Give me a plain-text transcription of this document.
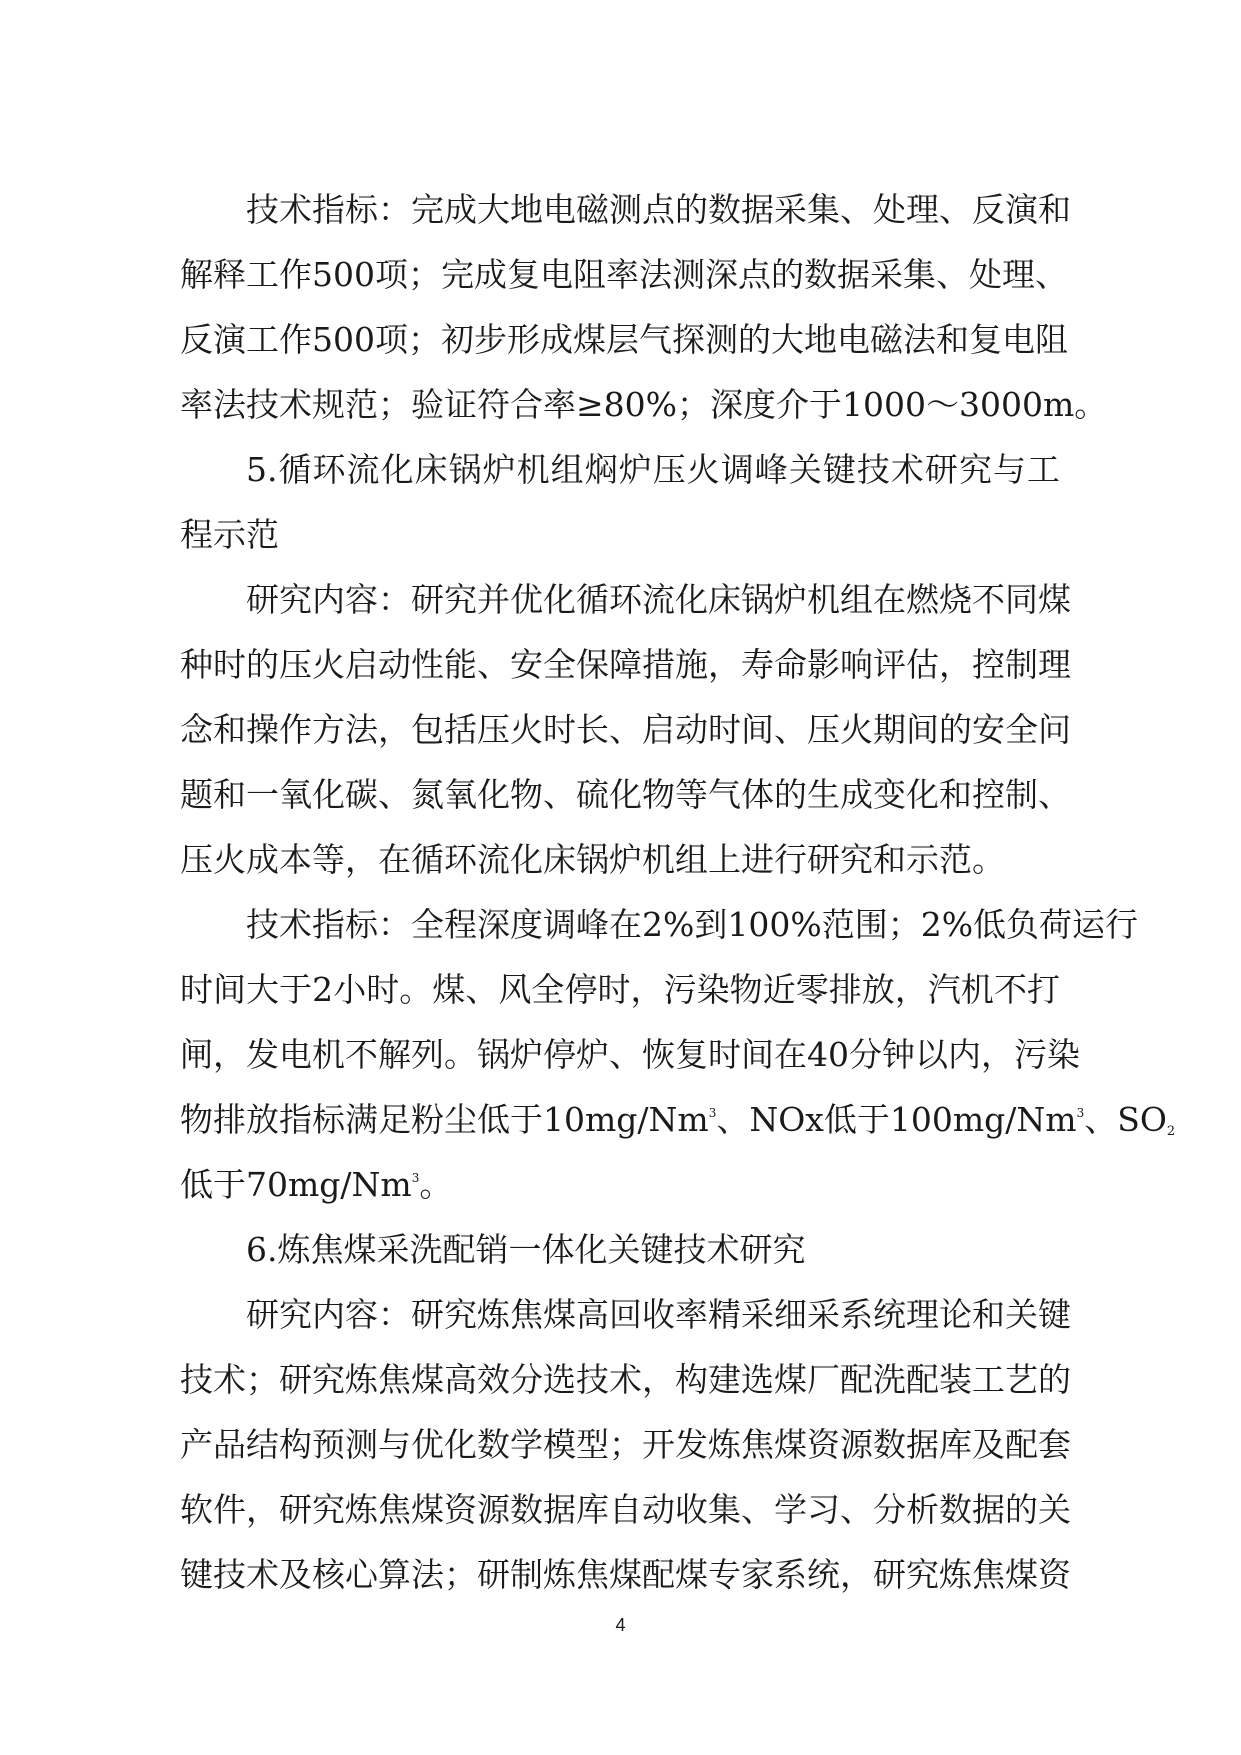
技术指标：完成大地电磁测点的数据采集、处理、反演和
解释工作500项；完成复电阻率法测深点的数据采集、处理、
反演工作500项；初步形成煤层气探测的大地电磁法和复电阻
率法技术规范；验证符合率≥80%；深度介于1000～3000m。
5.循环流化床锅炉机组焖炉压火调峰关键技术研究与工
程示范
研究内容：研究并优化循环流化床锅炉机组在燃烧不同煤
种时的压火启动性能、安全保障措施，寿命影响评估，控制理
念和操作方法，包括压火时长、启动时间、压火期间的安全问
题和一氧化碳、氮氧化物、硫化物等气体的生成变化和控制、
压火成本等，在循环流化床锅炉机组上进行研究和示范。
技术指标：全程深度调峰在2%到100%范围；2%低负荷运行
时间大于2小时。煤、风全停时，污染物近零排放，汽机不打
闸，发电机不解列。锅炉停炉、恢复时间在40分钟以内，污染
物排放指标满足粉尘低于10mg/Nm$^3$、NOx低于100mg/Nm$^3$、$SO_2$
低于70mg/Nm$^3$。
6.炼焦煤采洗配销一体化关键技术研究
研究内容：研究炼焦煤高回收率精采细采系统理论和关键
技术；研究炼焦煤高效分选技术，构建选煤厂配洗配装工艺的
产品结构预测与优化数学模型；开发炼焦煤资源数据库及配套
软件，研究炼焦煤资源数据库自动收集、学习、分析数据的关
键技术及核心算法；研制炼焦煤配煤专家系统，研究炼焦煤资
4
